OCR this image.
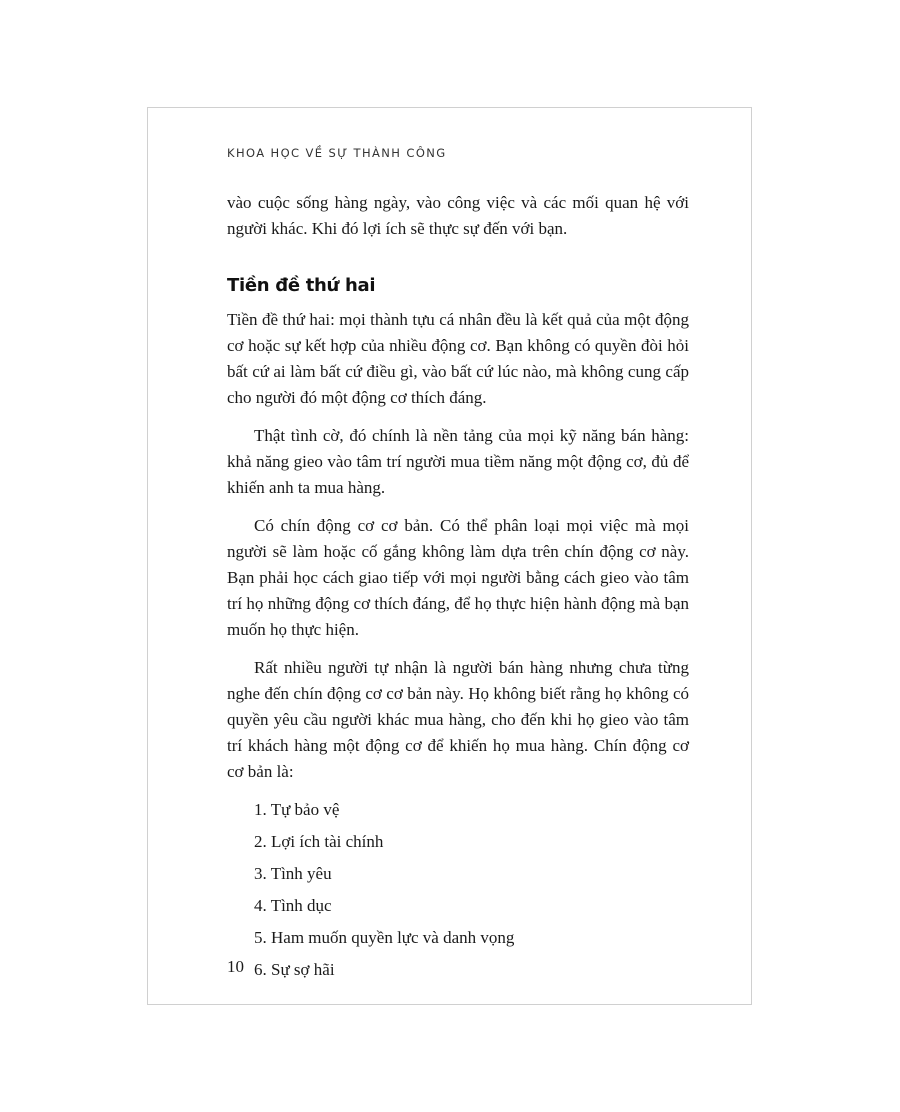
KHOA HỌC VỀ SỰ THÀNH CÔNG

vào cuộc sống hàng ngày, vào công việc và các mối quan hệ với người khác. Khi đó lợi ích sẽ thực sự đến với bạn.

Tiền đề thứ hai

Tiền đề thứ hai: mọi thành tựu cá nhân đều là kết quả của một động cơ hoặc sự kết hợp của nhiều động cơ. Bạn không có quyền đòi hỏi bất cứ ai làm bất cứ điều gì, vào bất cứ lúc nào, mà không cung cấp cho người đó một động cơ thích đáng.

Thật tình cờ, đó chính là nền tảng của mọi kỹ năng bán hàng: khả năng gieo vào tâm trí người mua tiềm năng một động cơ, đủ để khiến anh ta mua hàng.

Có chín động cơ cơ bản. Có thể phân loại mọi việc mà mọi người sẽ làm hoặc cố gắng không làm dựa trên chín động cơ này. Bạn phải học cách giao tiếp với mọi người bằng cách gieo vào tâm trí họ những động cơ thích đáng, để họ thực hiện hành động mà bạn muốn họ thực hiện.

Rất nhiều người tự nhận là người bán hàng nhưng chưa từng nghe đến chín động cơ cơ bản này. Họ không biết rằng họ không có quyền yêu cầu người khác mua hàng, cho đến khi họ gieo vào tâm trí khách hàng một động cơ để khiến họ mua hàng. Chín động cơ cơ bản là:

1. Tự bảo vệ
2. Lợi ích tài chính
3. Tình yêu
4. Tình dục
5. Ham muốn quyền lực và danh vọng
6. Sự sợ hãi
10
